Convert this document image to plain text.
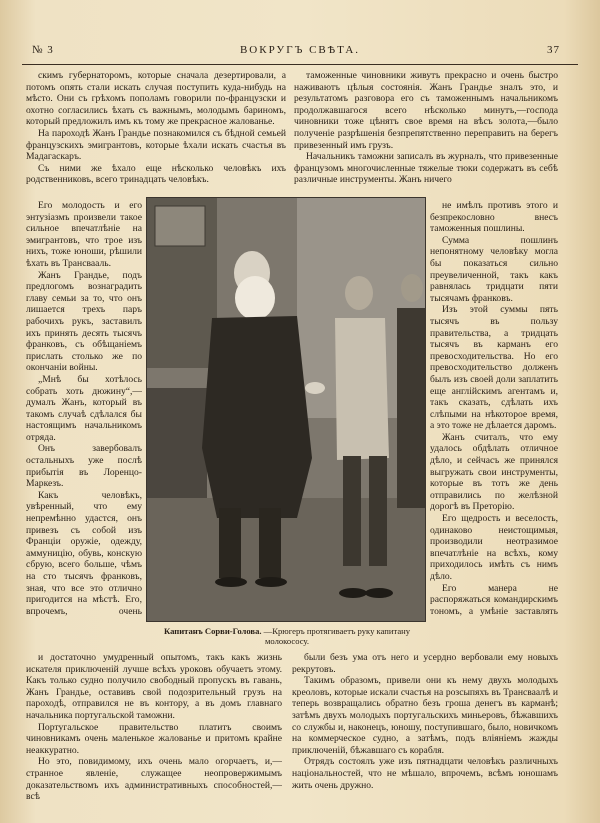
№ 3	ВОКРУГЪ СВѢТА.	37

скимъ губернаторомъ, которые сначала дезертировали, а потомъ опять стали искать случая поступить куда-нибудь на мѣсто. Они съ грѣхомъ пополамъ говорили по-французски и охотно согласились ѣхать съ важнымъ, молодымъ бариномъ, который предложилъ имъ къ тому же прекрасное жалованье.

На пароходѣ Жанъ Грандье познакомился съ бѣдной семьей французскихъ эмигрантовъ, которые ѣхали искать счастья въ Мадагаскаръ.

Съ ними же ѣхало еще нѣсколько человѣкъ ихъ родственниковъ, всего тринадцать человѣкъ.

таможенные чиновники живутъ прекрасно и очень быстро наживаютъ цѣлыя состоянія. Жанъ Грандье зналъ это, и результатомъ разговора его съ таможеннымъ начальникомъ продолжавшагося всего нѣсколько минутъ,—господа чиновники тоже цѣнятъ свое время на вѣсъ золота,—было полученіе разрѣшенія безпрепятственно переправить на берегъ привезенный имъ грузъ.

Начальникъ таможни записалъ въ журналъ, что привезенные французомъ многочисленные тяжелые тюки содержатъ въ себѣ различные инструменты. Жанъ ничего

Его молодость и его энтузіазмъ произвели такое сильное впечатлѣніе на эмигрантовъ, что трое изъ нихъ, тоже юноши, рѣшили ѣхать въ Трансвааль.

Жанъ Грандье, подъ предлогомъ вознаградить главу семьи за то, что онъ лишается трехъ паръ рабочихъ рукъ, заставилъ ихъ принять десять тысячъ франковъ, съ обѣщаніемъ прислать столько же по окончаніи войны.

„Мнѣ бы хотѣлось собрать хоть дюжину“,—думалъ Жанъ, который въ такомъ случаѣ сдѣлался бы настоящимъ начальникомъ отряда.

Онъ завербовалъ остальныхъ уже послѣ прибытія въ Лоренцо-Маркезъ.

Какъ человѣкъ, увѣренный, что ему непремѣнно удастся, онъ привезъ съ собой изъ Франціи оружіе, одежду, аммуницію, обувь, конскую сбрую, всего больше, чѣмъ на сто тысячъ франковъ, зная, что все это отлично пригодится на мѣстѣ. Его, впрочемъ, очень

не имѣлъ противъ этого и безпрекословно внесъ таможенныя пошлины.

Сумма пошлинъ непонятному человѣку могла бы показаться сильно преувеличенной, такъ какъ равнялась тридцати пяти тысячамъ франковъ.

Изъ этой суммы пять тысячъ въ пользу правительства, а тридцать тысячъ въ карманъ его превосходительства. Но его превосходительство долженъ былъ изъ своей доли заплатить еще англійскимъ агентамъ и, такъ сказать, сдѣлать ихъ слѣпыми на нѣкоторое время, а это тоже не дѣлается даромъ.

Жанъ считалъ, что ему удалось обдѣлать отличное дѣло, и сейчасъ же принялся выгружать свои инструменты, которые въ тотъ же день отправились по желѣзной дорогѣ въ Преторію.

Его щедрость и веселость, одинаково неистощимыя, производили неотразимое впечатлѣніе на всѣхъ, кому приходилось имѣть съ нимъ дѣло.

Его манера не распоряжаться командирскимъ тономъ, а умѣніе заставлять

Капитанъ Сорви-Голова. —Крюгеръ протягиваетъ руку капитану молокососу.

и достаточно умудренный опытомъ, такъ какъ жизнь искателя приключеній лучше всѣхъ уроковъ обучаетъ этому. Какъ только судно получило свободный пропускъ въ гавань, Жанъ Грандье, оставивъ свой подозрительный грузъ на пароходѣ, отправился не въ контору, а въ домъ главнаго начальника португальской таможни.

Португальское правительство платитъ своимъ чиновникамъ очень маленькое жалованье и притомъ крайне неаккуратно.

Но это, повидимому, ихъ очень мало огорчаетъ, и,—странное явленіе, служащее неопровержимымъ доказательствомъ ихъ административныхъ способностей,—всѣ

были безъ ума отъ него и усердно вербовали ему новыхъ рекрутовъ.

Такимъ образомъ, привели они къ нему двухъ молодыхъ креоловъ, которые искали счастья на розсыпяхъ въ Трансваалѣ и теперь возвращались обратно безъ гроша денегъ въ карманѣ; затѣмъ двухъ молодыхъ португальскихъ миньеровъ, бѣжавшихъ со службы и, наконецъ, юношу, поступившаго, было, новичкомъ на коммерческое судно, а затѣмъ, подъ вліяніемъ жажды приключеній, бѣжавшаго съ корабля.

Отрядъ состоялъ уже изъ пятнадцати человѣкъ различныхъ національностей, что не мѣшало, впрочемъ, всѣмъ юношамъ жить очень дружно.
